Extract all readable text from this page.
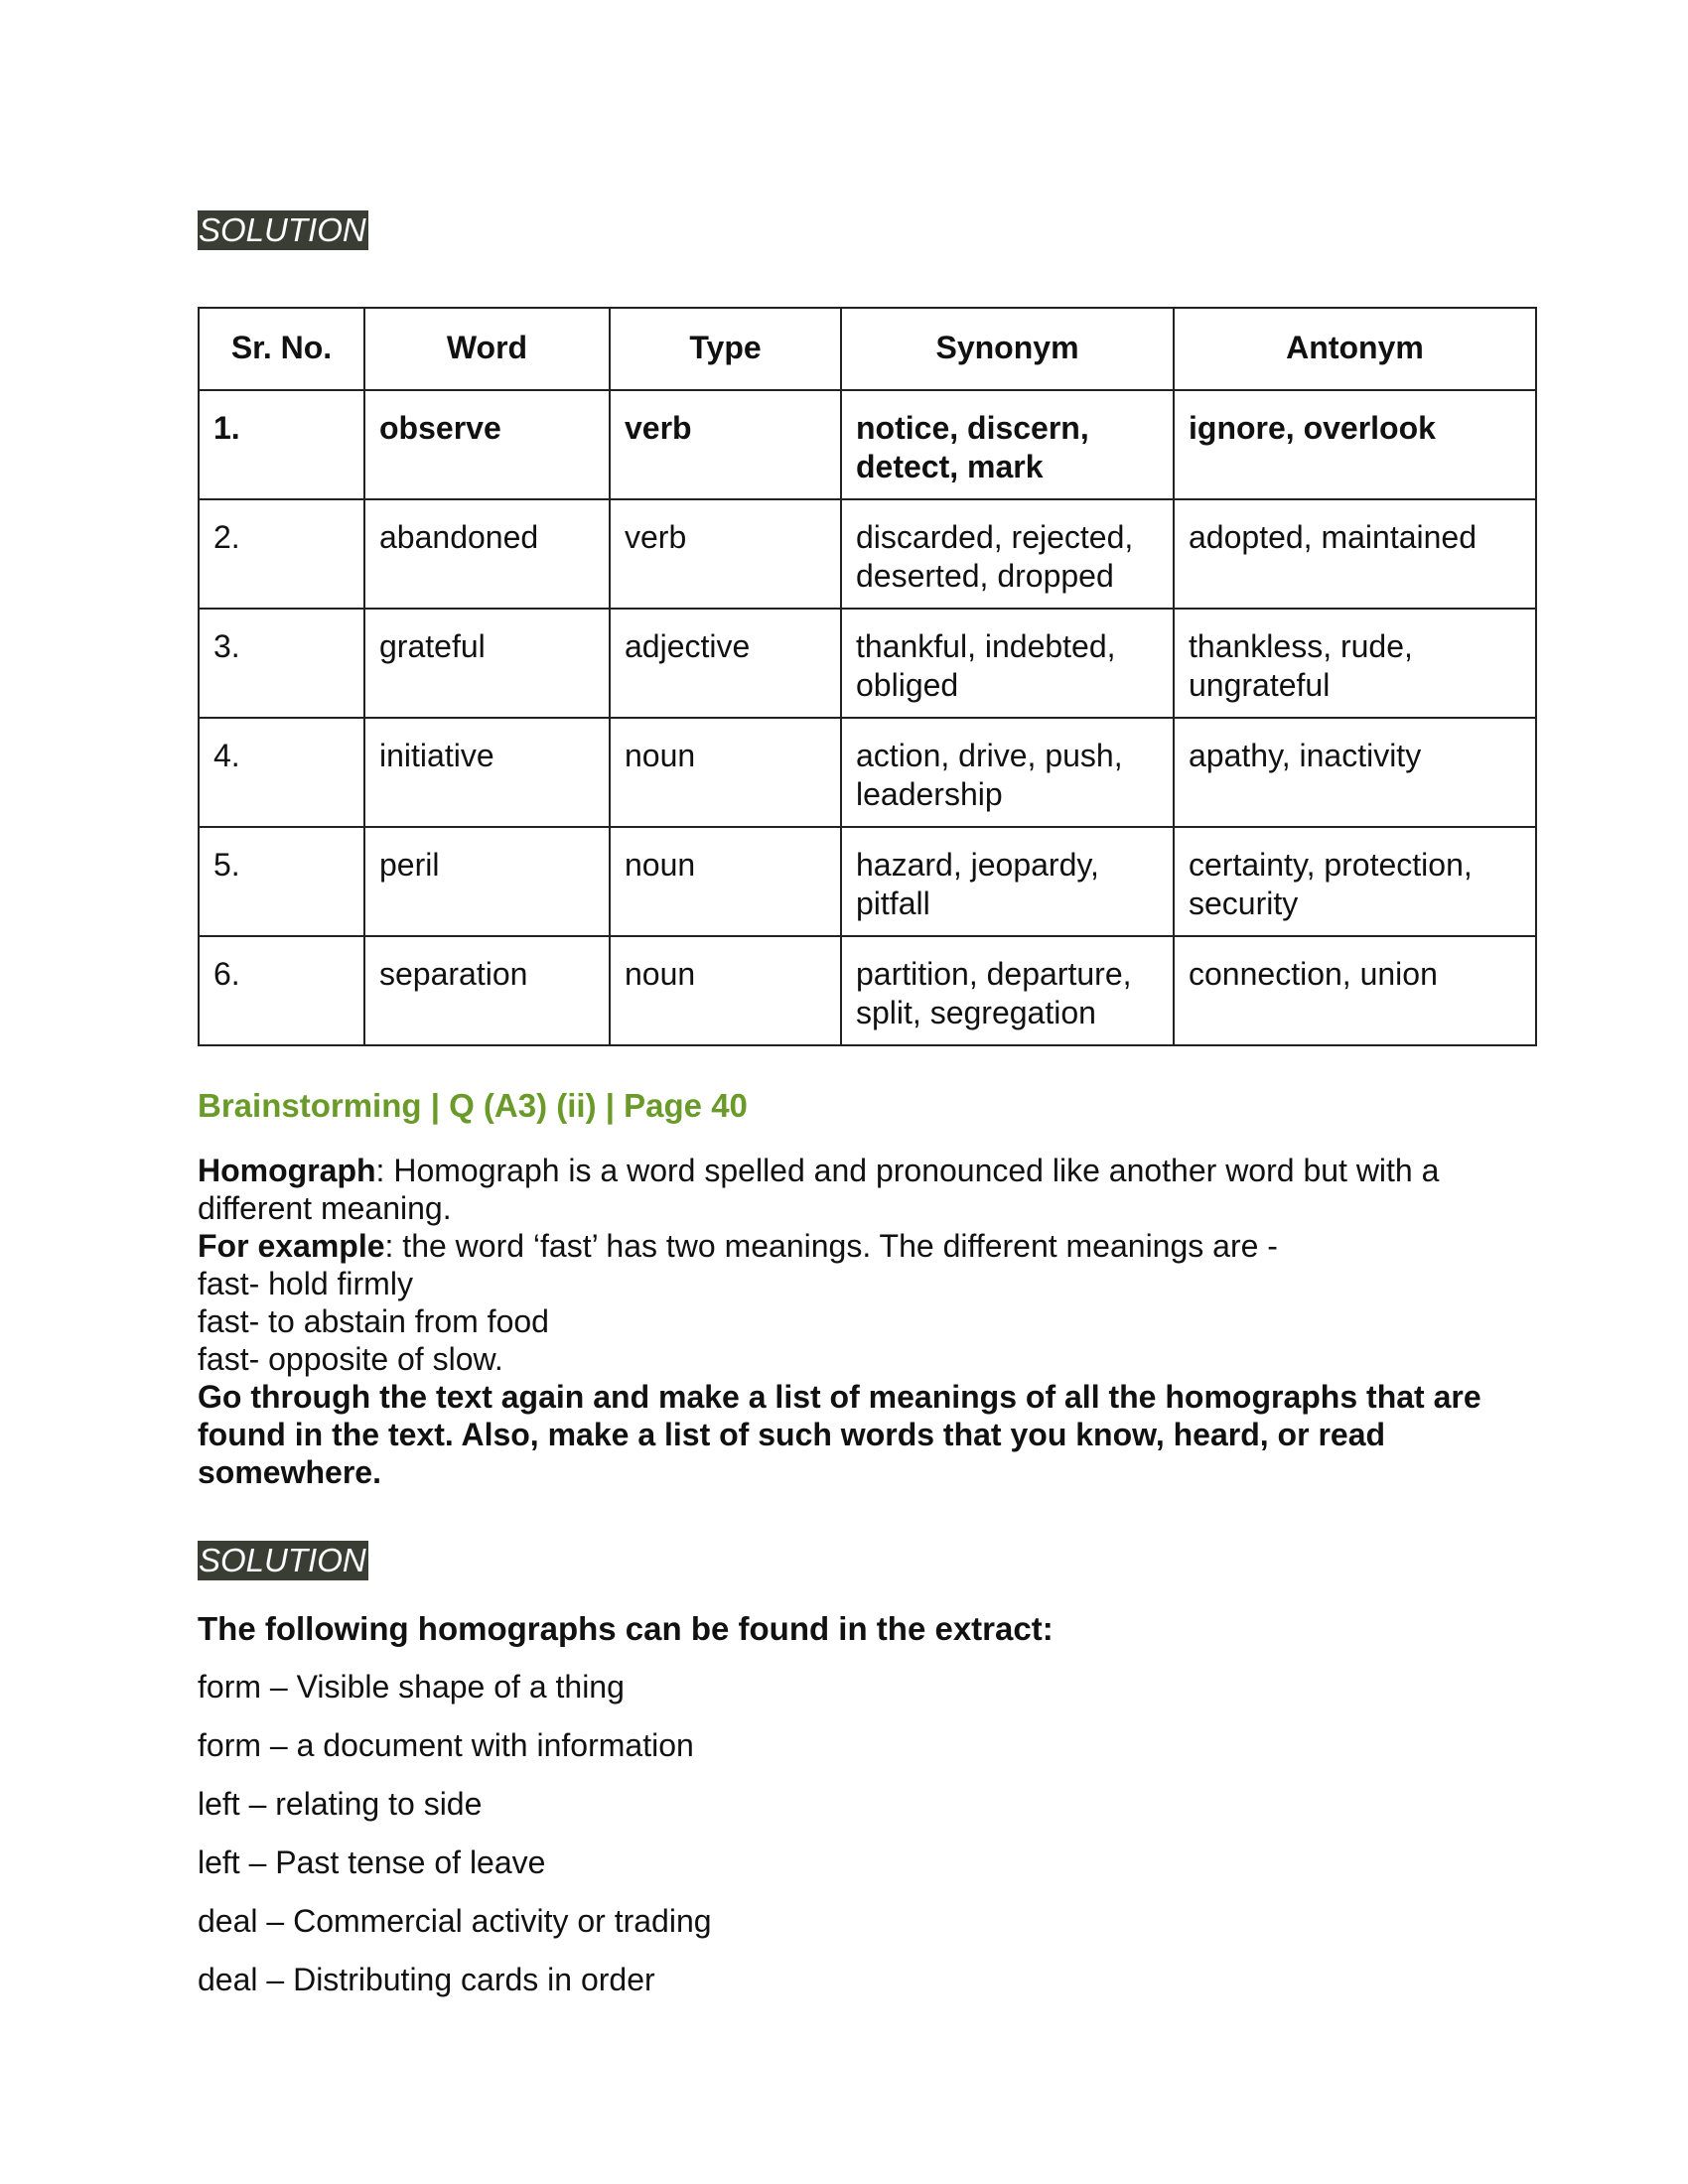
SOLUTION
Sr. No.	Word	Type	Synonym	Antonym
1.	observe	verb	notice, discern, detect, mark	ignore, overlook
2.	abandoned	verb	discarded, rejected, deserted, dropped	adopted, maintained
3.	grateful	adjective	thankful, indebted, obliged	thankless, rude, ungrateful
4.	initiative	noun	action, drive, push, leadership	apathy, inactivity
5.	peril	noun	hazard, jeopardy, pitfall	certainty, protection, security
6.	separation	noun	partition, departure, split, segregation	connection, union
Brainstorming | Q (A3) (ii) | Page 40
Homograph: Homograph is a word spelled and pronounced like another word but with a different meaning.
For example: the word ‘fast’ has two meanings. The different meanings are -
fast- hold firmly
fast- to abstain from food
fast- opposite of slow.
Go through the text again and make a list of meanings of all the homographs that are found in the text. Also, make a list of such words that you know, heard, or read somewhere.
SOLUTION
The following homographs can be found in the extract:
form – Visible shape of a thing
form – a document with information
left – relating to side
left – Past tense of leave
deal – Commercial activity or trading
deal – Distributing cards in order
